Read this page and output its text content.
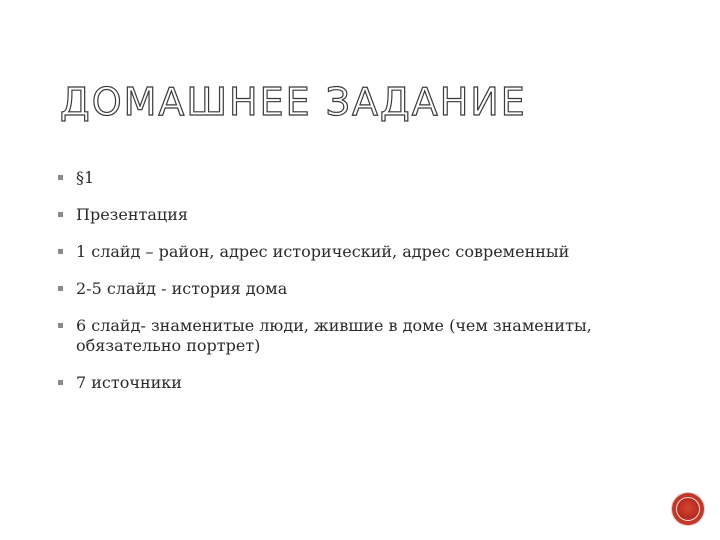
ДОМАШНЕЕ ЗАДАНИЕ
§1
Презентация
1 слайд – район, адрес исторический, адрес современный
2-5 слайд - история дома
6 слайд- знаменитые люди, жившие в доме (чем знамениты, обязательно портрет)
7 источники
